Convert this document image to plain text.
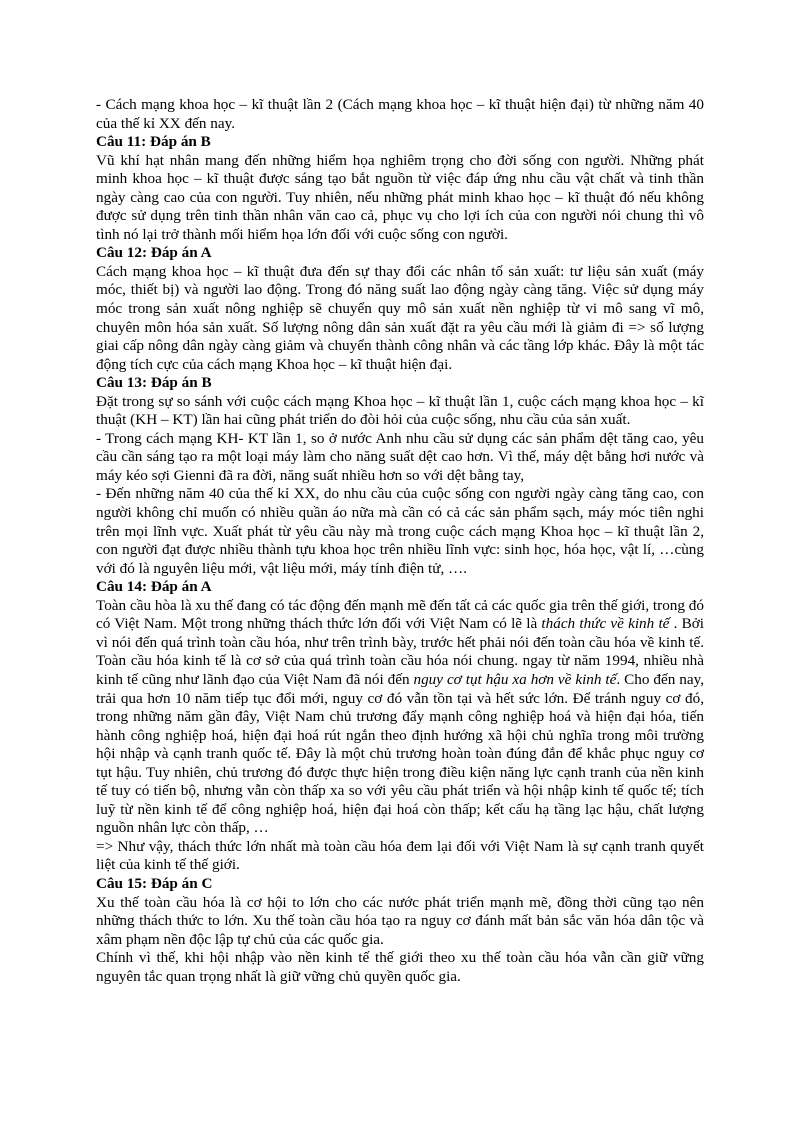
- Cách mạng khoa học – kĩ thuật lần 2 (Cách mạng khoa học – kĩ thuật hiện đại) từ những năm 40 của thế kỉ XX đến nay.

Câu 11: Đáp án B

Vũ khí hạt nhân mang đến những hiểm họa nghiêm trọng cho đời sống con người. Những phát minh khoa học – kĩ thuật được sáng tạo bắt nguồn từ việc đáp ứng nhu cầu vật chất và tinh thần ngày càng cao của con người. Tuy nhiên, nếu những phát minh khao học – kĩ thuật đó nếu không được sử dụng trên tinh thần nhân văn cao cả, phục vụ cho lợi ích của con người nói chung thì vô tình nó lại trở thành mối hiểm họa lớn đối với cuộc sống con người.

Câu 12: Đáp án A

Cách mạng khoa học – kĩ thuật đưa đến sự thay đổi các nhân tố sản xuất: tư liệu sản xuất (máy móc, thiết bị) và người lao động. Trong đó năng suất lao động ngày càng tăng. Việc sử dụng máy móc trong sản xuất nông nghiệp sẽ chuyển quy mô sản xuất nền nghiệp từ vi mô sang vĩ mô, chuyên môn hóa sản xuất. Số lượng nông dân sản xuất đặt ra yêu cầu mới là giảm đi => số lượng giai cấp nông dân ngày càng giảm và chuyển thành công nhân và các tầng lớp khác. Đây là một tác động tích cực của cách mạng Khoa học – kĩ thuật hiện đại.

Câu 13: Đáp án B

Đặt trong sự so sánh với cuộc cách mạng Khoa học – kĩ thuật lần 1, cuộc cách mạng khoa học – kĩ thuật (KH – KT) lần hai cũng phát triển do đòi hỏi của cuộc sống, nhu cầu của sản xuất.

- Trong cách mạng KH- KT lần 1, so ở nước Anh nhu cầu sử dụng các sản phẩm dệt tăng cao, yêu cầu cần sáng tạo ra một loại máy làm cho năng suất dệt cao hơn. Vì thế, máy dệt bằng hơi nước và máy kéo sợi Gienni đã ra đời, năng suất nhiều hơn so với dệt bằng tay,

- Đến những năm 40 của thế kỉ XX, do nhu cầu của cuộc sống con người ngày càng tăng cao, con người không chỉ muốn có nhiều quần áo nữa mà cần có cả các sản phẩm sạch, máy móc tiên nghi trên mọi lĩnh vực. Xuất phát từ yêu cầu này mà trong cuộc cách mạng Khoa học – kĩ thuật lần 2, con người đạt được nhiều thành tựu khoa học trên nhiều lĩnh vực: sinh học, hóa học, vật lí, …cùng với đó là nguyên liệu mới, vật liệu mới, máy tính điện tử, ….

Câu 14: Đáp án A

Toàn cầu hòa là xu thế đang có tác động đến mạnh mẽ đến tất cả các quốc gia trên thế giới, trong đó có Việt Nam. Một trong những thách thức lớn đối với Việt Nam có lẽ là thách thức về kinh tế . Bởi vì nói đến quá trình toàn cầu hóa, như trên trình bày, trước hết phải nói đến toàn cầu hóa về kinh tế. Toàn cầu hóa kinh tế là cơ sở của quá trình toàn cầu hóa nói chung. ngay từ năm 1994, nhiều nhà kinh tế cũng như lãnh đạo của Việt Nam đã nói đến nguy cơ tụt hậu xa hơn về kinh tế. Cho đến nay, trải qua hơn 10 năm tiếp tục đổi mới, nguy cơ đó vẫn tồn tại và hết sức lớn. Để tránh nguy cơ đó, trong những năm gần đây, Việt Nam chủ trương đẩy mạnh công nghiệp hoá và hiện đại hóa, tiến hành công nghiệp hoá, hiện đại hoá rút ngắn theo định hướng xã hội chủ nghĩa trong môi trường hội nhập và cạnh tranh quốc tế. Đây là một chủ trương hoàn toàn đúng đắn để khắc phục nguy cơ tụt hậu. Tuy nhiên, chủ trương đó được thực hiện trong điều kiện năng lực cạnh tranh của nền kinh tế tuy có tiến bộ, nhưng vẫn còn thấp xa so với yêu cầu phát triển và hội nhập kinh tế quốc tế; tích luỹ từ nền kinh tế để công nghiệp hoá, hiện đại hoá còn thấp; kết cấu hạ tầng lạc hậu, chất lượng nguồn nhân lực còn thấp, …

=> Như vậy, thách thức lớn nhất mà toàn cầu hóa đem lại đối với Việt Nam là sự cạnh tranh quyết liệt của kinh tế thế giới.

Câu 15: Đáp án C

Xu thế toàn cầu hóa là cơ hội to lớn cho các nước phát triển mạnh mẽ, đồng thời cũng tạo nên những thách thức to lớn. Xu thế toàn cầu hóa tạo ra nguy cơ đánh mất bản sắc văn hóa dân tộc và xâm phạm nền độc lập tự chủ của các quốc gia.

Chính vì thế, khi hội nhập vào nền kinh tế thế giới theo xu thế toàn cầu hóa vẫn cần giữ vững nguyên tắc quan trọng nhất là giữ vững chủ quyền quốc gia.
